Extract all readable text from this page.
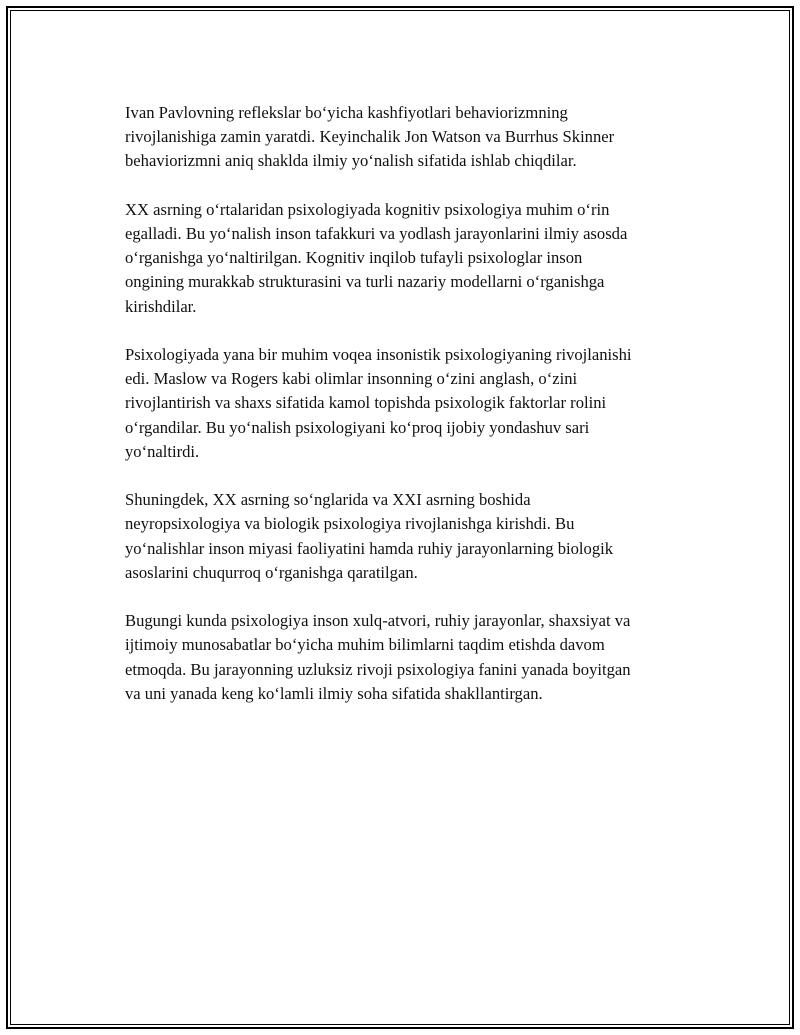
Ivan Pavlovning reflekslar bo‘yicha kashfiyotlari behaviorizmning
rivojlanishiga zamin yaratdi. Keyinchalik Jon Watson va Burrhus Skinner
behaviorizmni aniq shaklda ilmiy yo‘nalish sifatida ishlab chiqdilar.

XX asrning o‘rtalaridan psixologiyada kognitiv psixologiya muhim o‘rin
egalladi. Bu yo‘nalish inson tafakkuri va yodlash jarayonlarini ilmiy asosda
o‘rganishga yo‘naltirilgan. Kognitiv inqilob tufayli psixologlar inson
ongining murakkab strukturasini va turli nazariy modellarni o‘rganishga
kirishdilar.

Psixologiyada yana bir muhim voqea insonistik psixologiyaning rivojlanishi
edi. Maslow va Rogers kabi olimlar insonning o‘zini anglash, o‘zini
rivojlantirish va shaxs sifatida kamol topishda psixologik faktorlar rolini
o‘rgandilar. Bu yo‘nalish psixologiyani ko‘proq ijobiy yondashuv sari
yo‘naltirdi.

Shuningdek, XX asrning so‘nglarida va XXI asrning boshida
neyropsixologiya va biologik psixologiya rivojlanishga kirishdi. Bu
yo‘nalishlar inson miyasi faoliyatini hamda ruhiy jarayonlarning biologik
asoslarini chuqurroq o‘rganishga qaratilgan.

Bugungi kunda psixologiya inson xulq-atvori, ruhiy jarayonlar, shaxsiyat va
ijtimoiy munosabatlar bo‘yicha muhim bilimlarni taqdim etishda davom
etmoqda. Bu jarayonning uzluksiz rivoji psixologiya fanini yanada boyitgan
va uni yanada keng ko‘lamli ilmiy soha sifatida shakllantirgan.
